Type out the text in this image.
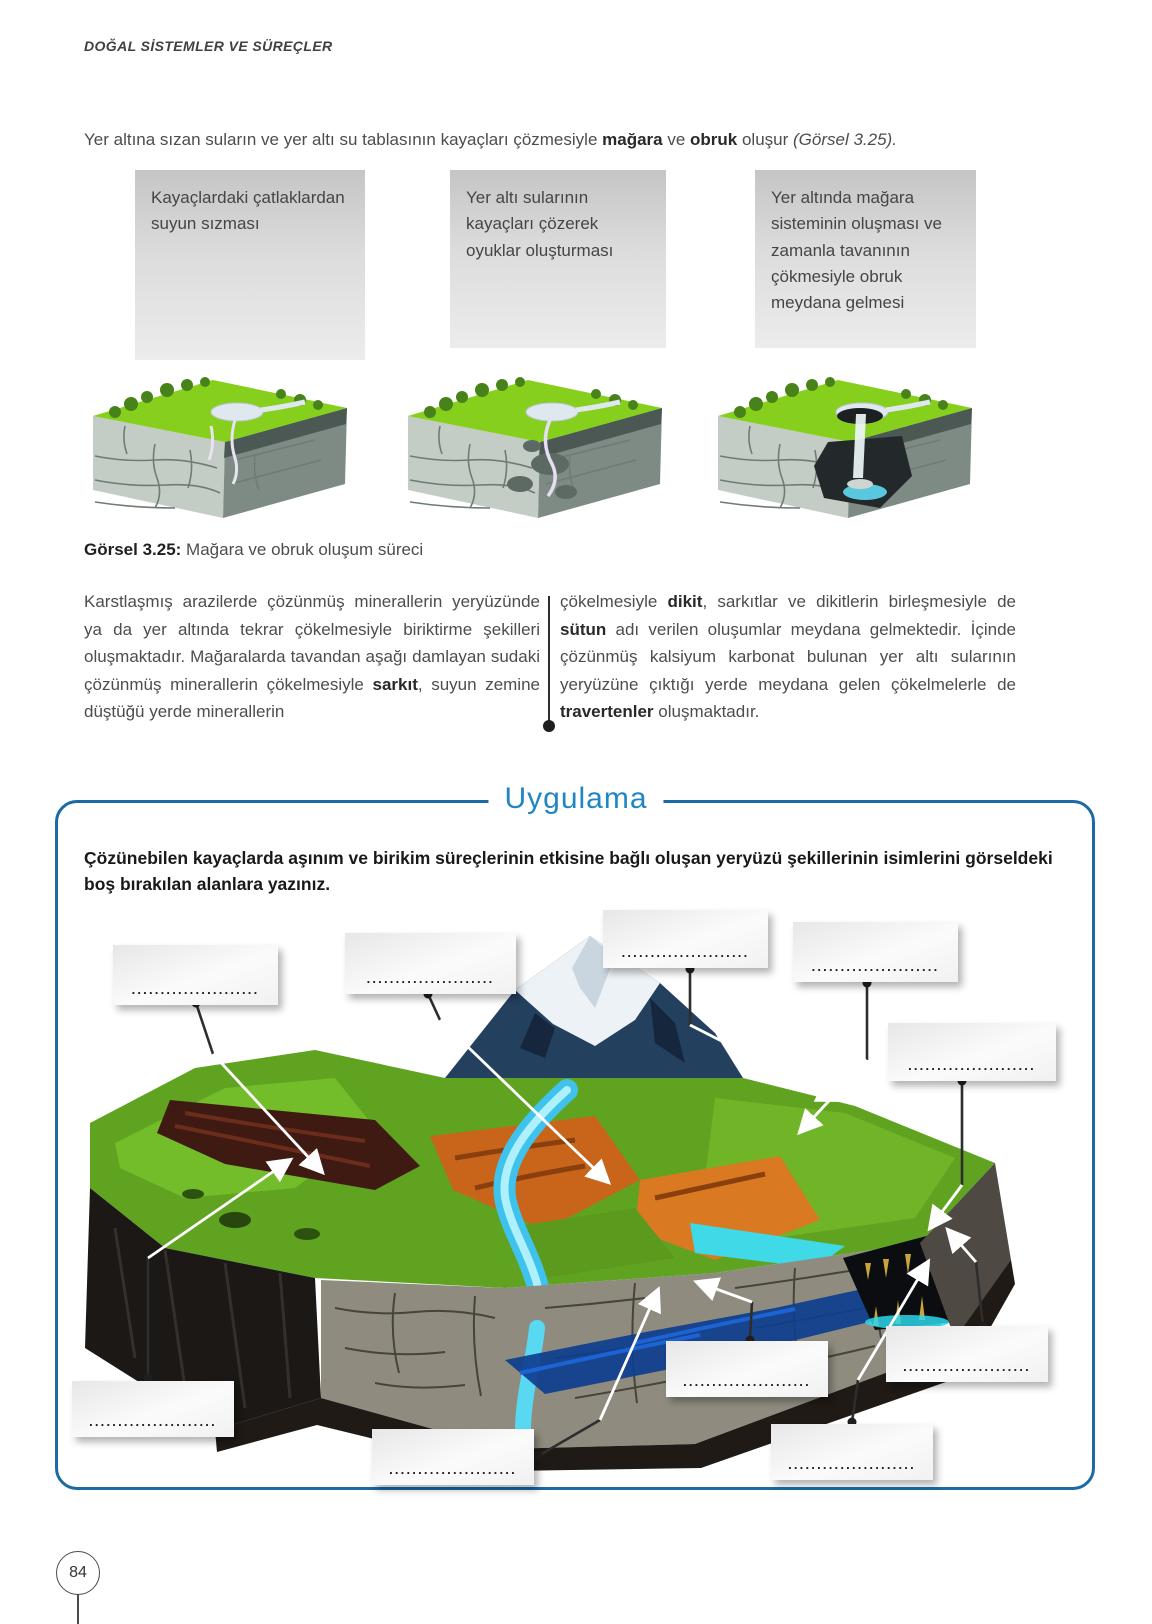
DOĞAL SİSTEMLER VE SÜREÇLER

Yer altına sızan suların ve yer altı su tablasının kayaçları çözmesiyle mağara ve obruk oluşur (Görsel 3.25).

Kayaçlardaki çatlaklardan suyun sızması
Yer altı sularının kayaçları çözerek oyuklar oluşturması
Yer altında mağara sisteminin oluşması ve zamanla tavanının çökmesiyle obruk meydana gelmesi
Görsel 3.25: Mağara ve obruk oluşum süreci
Karstlaşmış arazilerde çözünmüş minerallerin yeryüzünde ya da yer altında tekrar çökelmesiyle biriktirme şekilleri oluşmaktadır. Mağaralarda tavandan aşağı damlayan sudaki çözünmüş minerallerin çökelmesiyle sarkıt, suyun zemine düştüğü yerde minerallerin
çökelmesiyle dikit, sarkıtlar ve dikitlerin birleşmesiyle de sütun adı verilen oluşumlar meydana gelmektedir. İçinde çözünmüş kalsiyum karbonat bulunan yer altı sularının yeryüzüne çıktığı yerde meydana gelen çökelmelerle de travertenler oluşmaktadır.
Uygulama
Çözünebilen kayaçlarda aşınım ve birikim süreçlerinin etkisine bağlı oluşan yeryüzü şekillerinin isimlerini görseldeki boş bırakılan alanlara yazınız.
......................
......................
......................
......................
......................
......................
......................
......................
......................
......................
84
